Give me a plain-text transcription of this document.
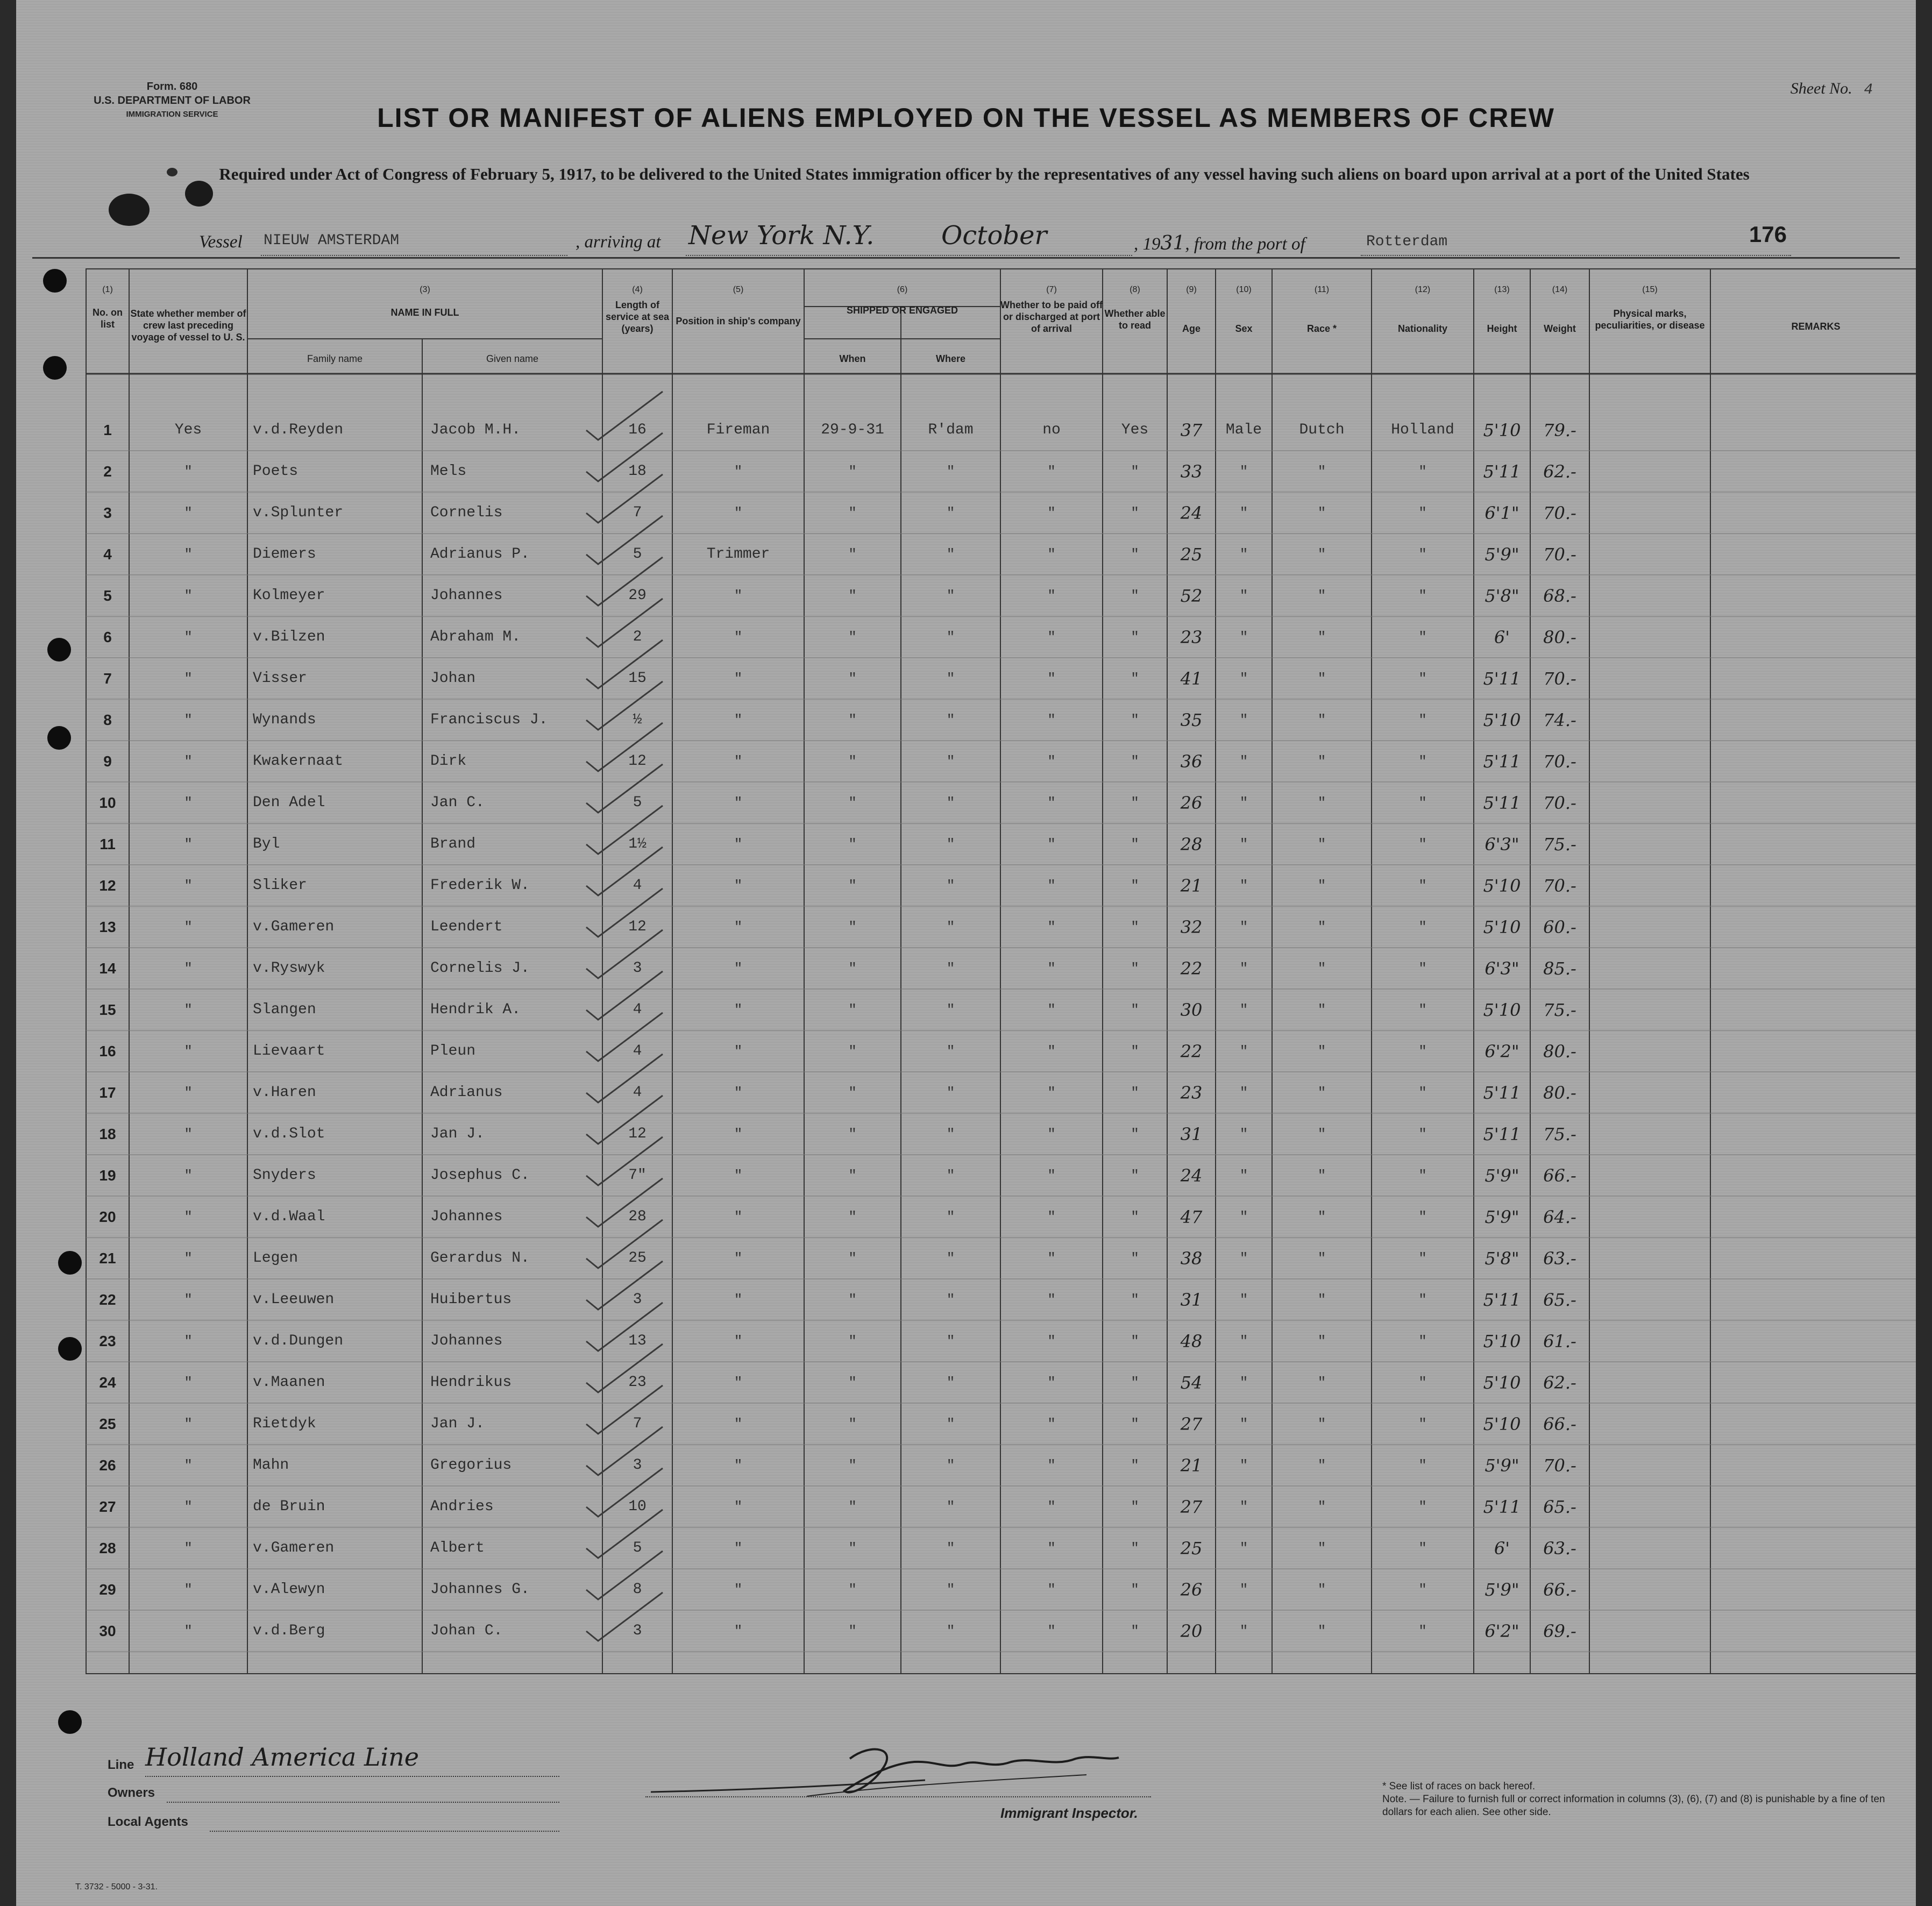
Form. 680
U.S. DEPARTMENT OF LABOR
IMMIGRATION SERVICE
Sheet No. 4
LIST OR MANIFEST OF ALIENS EMPLOYED ON THE VESSEL AS MEMBERS OF CREW
Required under Act of Congress of February 5, 1917, to be delivered to the United States immigration officer by the representatives of any vessel having such aliens on board upon arrival at a port of the United States
Vessel NIEUW AMSTERDAM	, arriving at New York N.Y.	October	, 1931, from the port of	Rotterdam	176
(1)
No. on list
State whether member of crew last preceding voyage of vessel to U. S.
(3)
NAME IN FULL
Family name	Given name
(4)
Length of service at sea (years)
(5)
Position in ship's company
(6)
SHIPPED OR ENGAGED
When	Where
(7)
Whether to be paid off or discharged at port of arrival
(8)
Whether able to read
(9)
Age
(10)
Sex
(11)
Race *
(12)
Nationality
(13)
Height
(14)
Weight
(15)
Physical marks, peculiarities, or disease	REMARKS
1	Yes	v.d.Reyden	Jacob M.H.	16	Fireman	29-9-31	R'dam	no	Yes	37	Male	Dutch	Holland	5'10	79.-
2	"	Poets	Mels	18	"	"	"	"	"	33	"	"	"	5'11	62.-
3	"	v.Splunter	Cornelis	7	"	"	"	"	"	24	"	"	"	6'1"	70.-
4	"	Diemers	Adrianus P.	5	Trimmer	"	"	"	"	25	"	"	"	5'9"	70.-
5	"	Kolmeyer	Johannes	29	"	"	"	"	"	52	"	"	"	5'8"	68.-
6	"	v.Bilzen	Abraham M.	2	"	"	"	"	"	23	"	"	"	6'	80.-
7	"	Visser	Johan	15	"	"	"	"	"	41	"	"	"	5'11	70.-
8	"	Wynands	Franciscus J.	½	"	"	"	"	"	35	"	"	"	5'10	74.-
9	"	Kwakernaat	Dirk	12	"	"	"	"	"	36	"	"	"	5'11	70.-
10	"	Den Adel	Jan C.	5	"	"	"	"	"	26	"	"	"	5'11	70.-
11	"	Byl	Brand	1½	"	"	"	"	"	28	"	"	"	6'3"	75.-
12	"	Sliker	Frederik W.	4	"	"	"	"	"	21	"	"	"	5'10	70.-
13	"	v.Gameren	Leendert	12	"	"	"	"	"	32	"	"	"	5'10	60.-
14	"	v.Ryswyk	Cornelis J.	3	"	"	"	"	"	22	"	"	"	6'3"	85.-
15	"	Slangen	Hendrik A.	4	"	"	"	"	"	30	"	"	"	5'10	75.-
16	"	Lievaart	Pleun	4	"	"	"	"	"	22	"	"	"	6'2"	80.-
17	"	v.Haren	Adrianus	4	"	"	"	"	"	23	"	"	"	5'11	80.-
18	"	v.d.Slot	Jan J.	12	"	"	"	"	"	31	"	"	"	5'11	75.-
19	"	Snyders	Josephus C.	7"	"	"	"	"	"	24	"	"	"	5'9"	66.-
20	"	v.d.Waal	Johannes	28	"	"	"	"	"	47	"	"	"	5'9"	64.-
21	"	Legen	Gerardus N.	25	"	"	"	"	"	38	"	"	"	5'8"	63.-
22	"	v.Leeuwen	Huibertus	3	"	"	"	"	"	31	"	"	"	5'11	65.-
23	"	v.d.Dungen	Johannes	13	"	"	"	"	"	48	"	"	"	5'10	61.-
24	"	v.Maanen	Hendrikus	23	"	"	"	"	"	54	"	"	"	5'10	62.-
25	"	Rietdyk	Jan J.	7	"	"	"	"	"	27	"	"	"	5'10	66.-
26	"	Mahn	Gregorius	3	"	"	"	"	"	21	"	"	"	5'9"	70.-
27	"	de Bruin	Andries	10	"	"	"	"	"	27	"	"	"	5'11	65.-
28	"	v.Gameren	Albert	5	"	"	"	"	"	25	"	"	"	6'	63.-
29	"	v.Alewyn	Johannes G.	8	"	"	"	"	"	26	"	"	"	5'9"	66.-
30	"	v.d.Berg	Johan C.	3	"	"	"	"	"	20	"	"	"	6'2"	69.-
Line Holland America Line
Owners
Local Agents
Immigrant Inspector.
* See list of races on back hereof.
Note. — Failure to furnish full or correct information in columns (3), (6), (7) and (8) is punishable by a fine of ten dollars for each alien. See other side.
T. 3732 - 5000 - 3-31.
